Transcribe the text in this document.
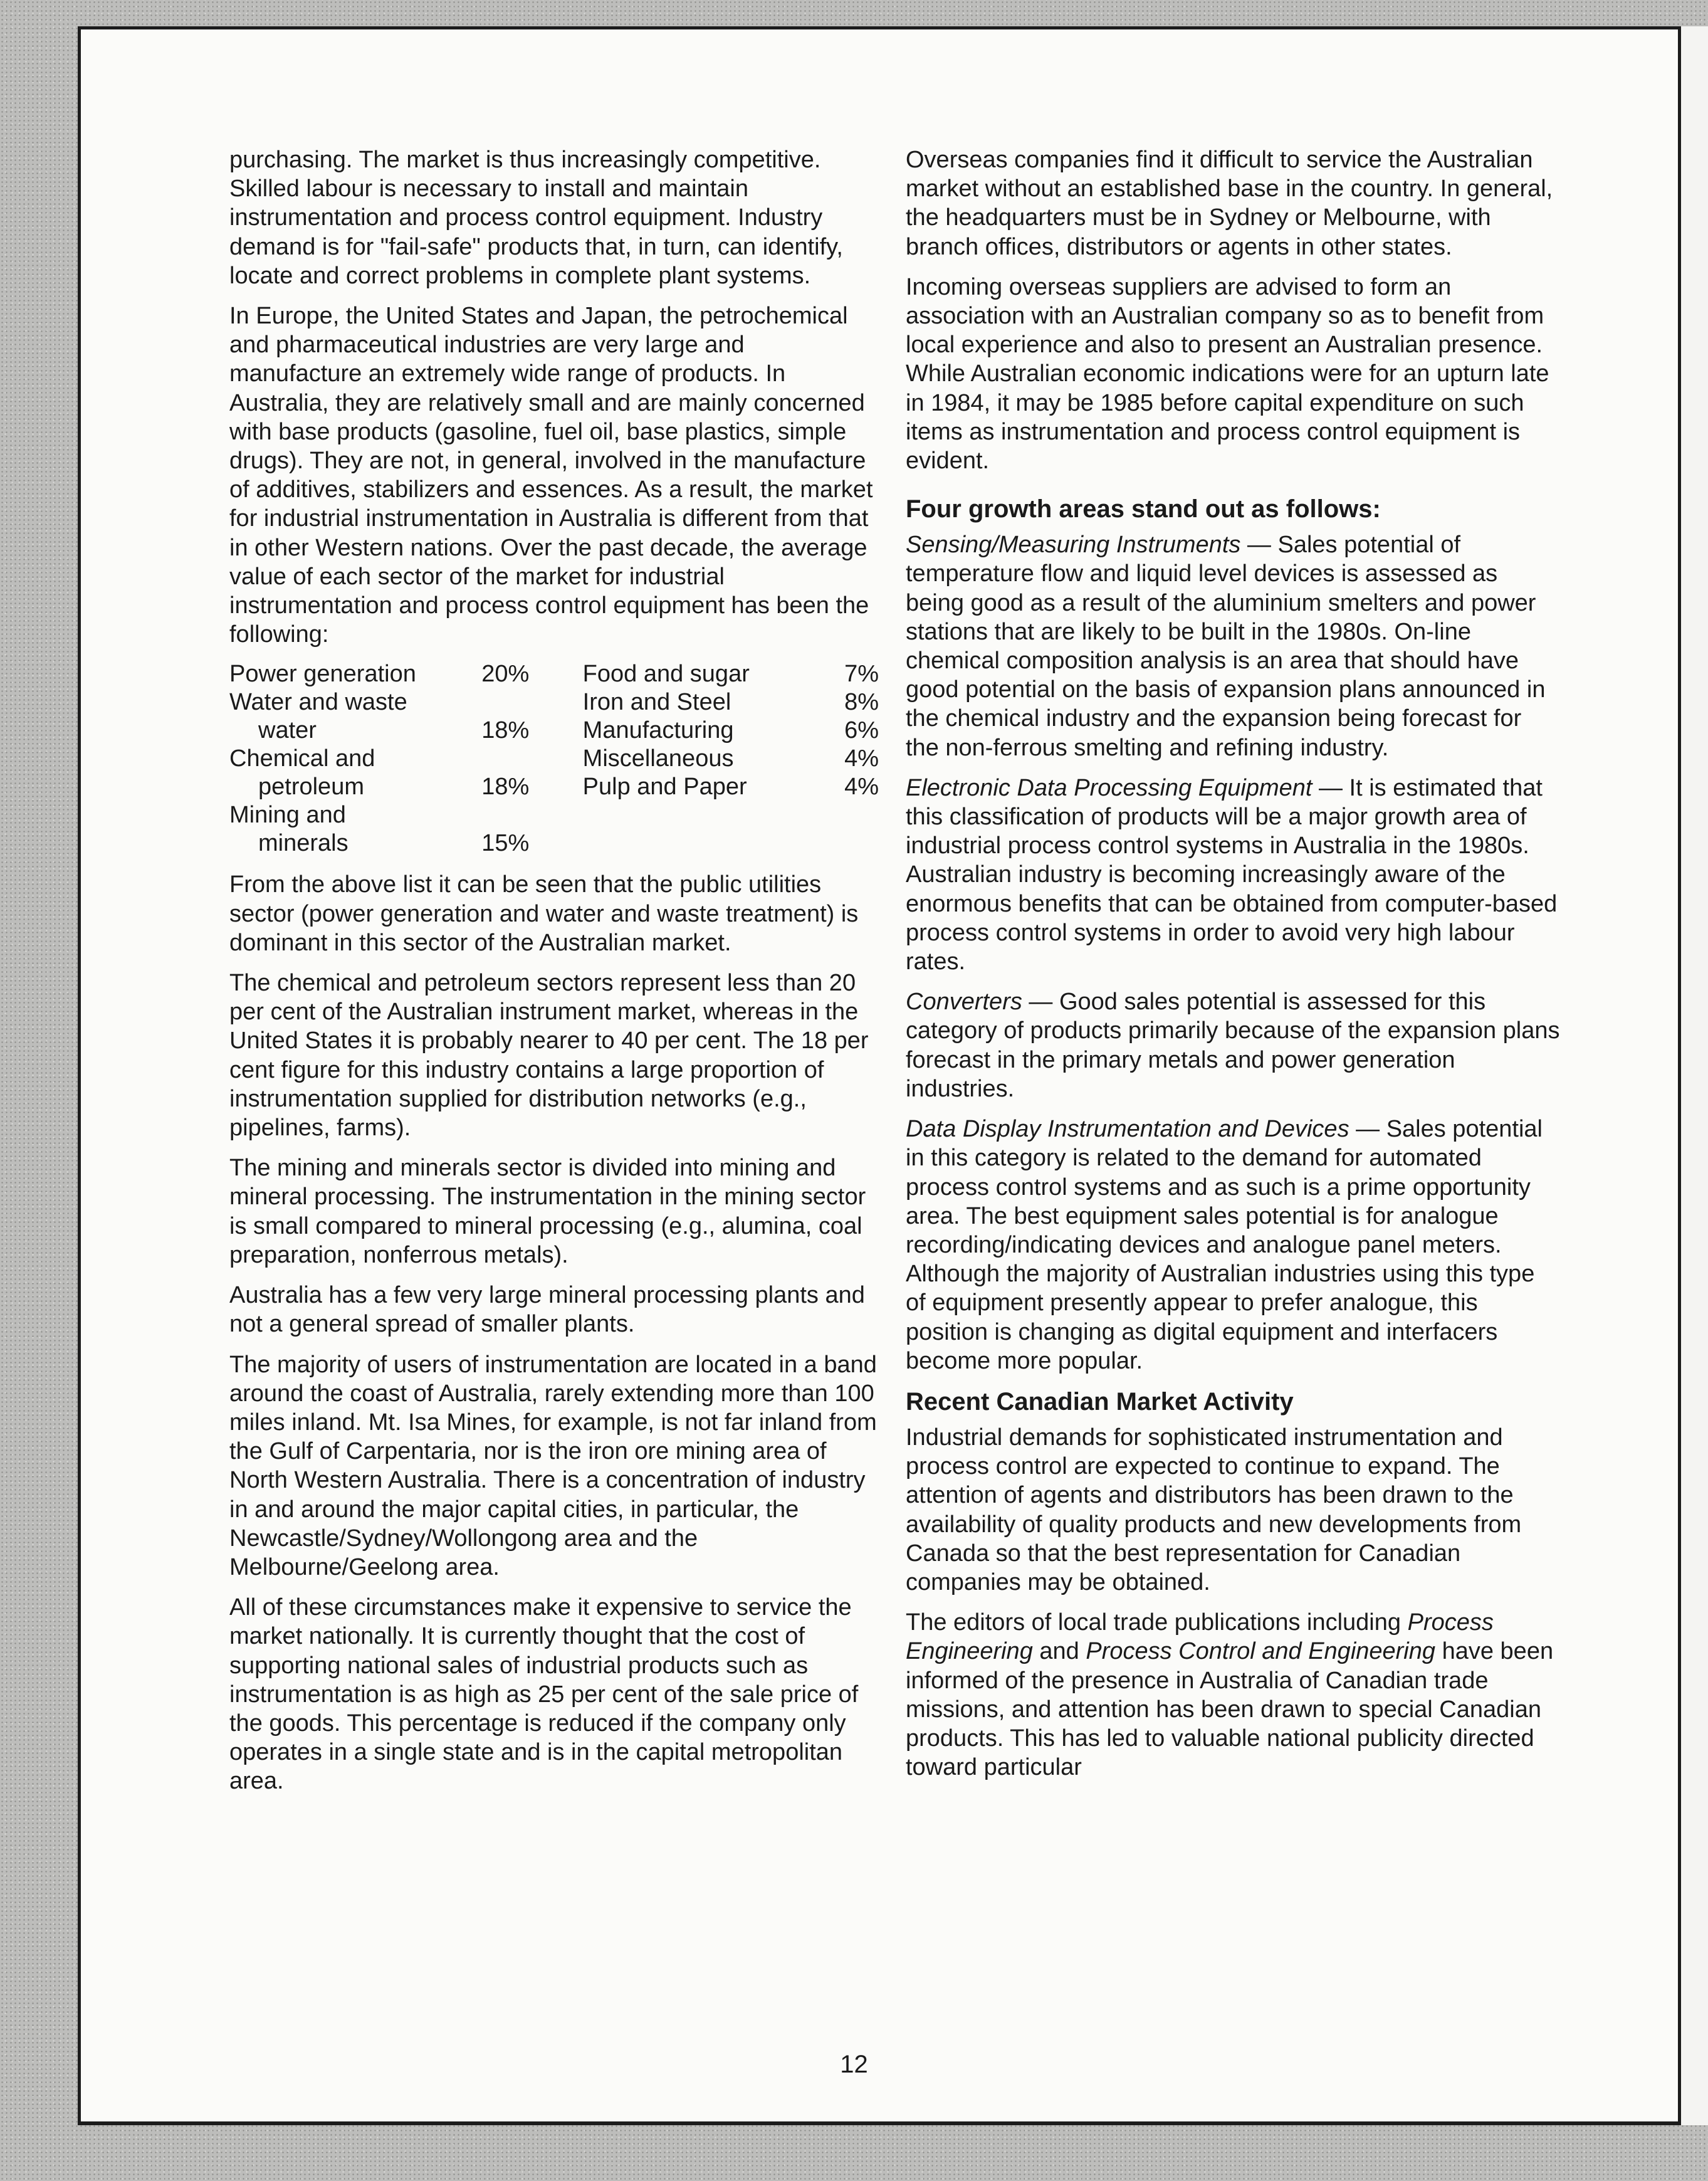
purchasing. The market is thus increasingly competitive. Skilled labour is necessary to install and maintain instrumentation and process control equipment. Industry demand is for "fail-safe" products that, in turn, can identify, locate and correct problems in complete plant systems.

In Europe, the United States and Japan, the petrochemical and pharmaceutical industries are very large and manufacture an extremely wide range of products. In Australia, they are relatively small and are mainly concerned with base products (gasoline, fuel oil, base plastics, simple drugs). They are not, in general, involved in the manufacture of additives, stabilizers and essences. As a result, the market for industrial instrumentation in Australia is different from that in other Western nations. Over the past decade, the average value of each sector of the market for industrial instrumentation and process control equipment has been the following:

Power generation	20%	Food and sugar	7%
Water and waste		Iron and Steel	8%
water	18%	Manufacturing	6%
Chemical and		Miscellaneous	4%
petroleum	18%	Pulp and Paper	4%
Mining and			
minerals	15%		

From the above list it can be seen that the public utilities sector (power generation and water and waste treatment) is dominant in this sector of the Australian market.

The chemical and petroleum sectors represent less than 20 per cent of the Australian instrument market, whereas in the United States it is probably nearer to 40 per cent. The 18 per cent figure for this industry contains a large proportion of instrumentation supplied for distribution networks (e.g., pipelines, farms).

The mining and minerals sector is divided into mining and mineral processing. The instrumentation in the mining sector is small compared to mineral processing (e.g., alumina, coal preparation, nonferrous metals).

Australia has a few very large mineral processing plants and not a general spread of smaller plants.

The majority of users of instrumentation are located in a band around the coast of Australia, rarely extending more than 100 miles inland. Mt. Isa Mines, for example, is not far inland from the Gulf of Carpentaria, nor is the iron ore mining area of North Western Australia. There is a concentration of industry in and around the major capital cities, in particular, the Newcastle/Sydney/Wollongong area and the Melbourne/Geelong area.

All of these circumstances make it expensive to service the market nationally. It is currently thought that the cost of supporting national sales of industrial products such as instrumentation is as high as 25 per cent of the sale price of the goods. This percentage is reduced if the company only operates in a single state and is in the capital metropolitan area.

Overseas companies find it difficult to service the Australian market without an established base in the country. In general, the headquarters must be in Sydney or Melbourne, with branch offices, distributors or agents in other states.

Incoming overseas suppliers are advised to form an association with an Australian company so as to benefit from local experience and also to present an Australian presence. While Australian economic indications were for an upturn late in 1984, it may be 1985 before capital expenditure on such items as instrumentation and process control equipment is evident.

Four growth areas stand out as follows:

Sensing/Measuring Instruments — Sales potential of temperature flow and liquid level devices is assessed as being good as a result of the aluminium smelters and power stations that are likely to be built in the 1980s. On-line chemical composition analysis is an area that should have good potential on the basis of expansion plans announced in the chemical industry and the expansion being forecast for the non-ferrous smelting and refining industry.

Electronic Data Processing Equipment — It is estimated that this classification of products will be a major growth area of industrial process control systems in Australia in the 1980s. Australian industry is becoming increasingly aware of the enormous benefits that can be obtained from computer-based process control systems in order to avoid very high labour rates.

Converters — Good sales potential is assessed for this category of products primarily because of the expansion plans forecast in the primary metals and power generation industries.

Data Display Instrumentation and Devices — Sales potential in this category is related to the demand for automated process control systems and as such is a prime opportunity area. The best equipment sales potential is for analogue recording/indicating devices and analogue panel meters. Although the majority of Australian industries using this type of equipment presently appear to prefer analogue, this position is changing as digital equipment and interfacers become more popular.

Recent Canadian Market Activity

Industrial demands for sophisticated instrumentation and process control are expected to continue to expand. The attention of agents and distributors has been drawn to the availability of quality products and new developments from Canada so that the best representation for Canadian companies may be obtained.

The editors of local trade publications including Process Engineering and Process Control and Engineering have been informed of the presence in Australia of Canadian trade missions, and attention has been drawn to special Canadian products. This has led to valuable national publicity directed toward particular

12
